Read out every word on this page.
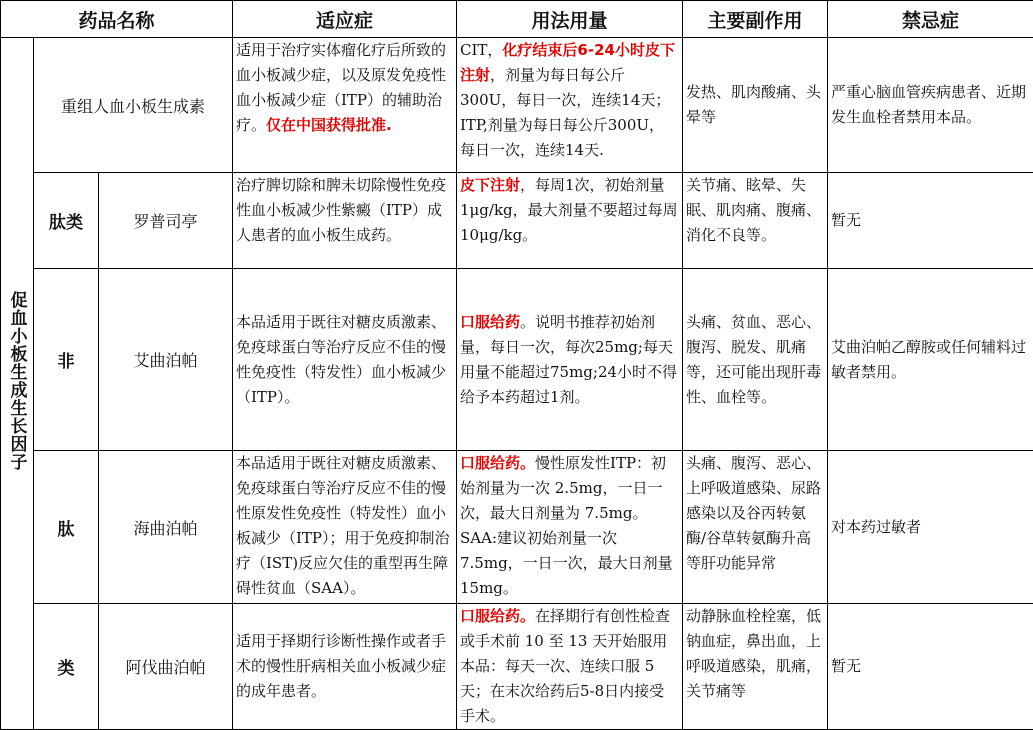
药品名称			适应症	用法用量	主要副作用	禁忌症
促血小板生成生长因子	重组人血小板生成素		适用于治疗实体瘤化疗后所致的血小板减少症，以及原发免疫性血小板减少症（ITP）的辅助治疗。仅在中国获得批准.	CIT，化疗结束后6-24小时皮下注射，剂量为每日每公斤300U，每日一次，连续14天；ITP,剂量为每日每公斤300U，每日一次，连续14天.	发热、肌肉酸痛、头晕等	严重心脑血管疾病患者、近期发生血栓者禁用本品。
	肽类	罗普司亭	治疗脾切除和脾未切除慢性免疫性血小板减少性紫癜（ITP）成人患者的血小板生成药。	皮下注射，每周1次，初始剂量1μg/kg，最大剂量不要超过每周10μg/kg。	关节痛、眩晕、失眠、肌肉痛、腹痛、消化不良等。	暂无
	非	艾曲泊帕	本品适用于既往对糖皮质激素、免疫球蛋白等治疗反应不佳的慢性免疫性（特发性）血小板减少（ITP）。	口服给药。说明书推荐初始剂量，每日一次，每次25mg;每天用量不能超过75mg;24小时不得给予本药超过1剂。	头痛、贫血、恶心、腹泻、脱发、肌痛等，还可能出现肝毒性、血栓等。	艾曲泊帕乙醇胺或任何辅料过敏者禁用。
	肽	海曲泊帕	本品适用于既往对糖皮质激素、免疫球蛋白等治疗反应不佳的慢性原发性免疫性（特发性）血小板减少（ITP）；用于免疫抑制治疗（IST)反应欠佳的重型再生障碍性贫血（SAA）。	口服给药。慢性原发性ITP：初始剂量为一次 2.5mg，一日一次，最大日剂量为 7.5mg。SAA:建议初始剂量一次7.5mg，一日一次，最大日剂量15mg。	头痛、腹泻、恶心、上呼吸道感染、尿路感染以及谷丙转氨酶/谷草转氨酶升高等肝功能异常	对本药过敏者
	类	阿伐曲泊帕	适用于择期行诊断性操作或者手术的慢性肝病相关血小板减少症的成年患者。	口服给药。在择期行有创性检查或手术前 10 至 13 天开始服用本品：每天一次、连续口服 5 天；在末次给药后5-8日内接受手术。	动静脉血栓栓塞，低钠血症，鼻出血，上呼吸道感染，肌痛，关节痛等	暂无
